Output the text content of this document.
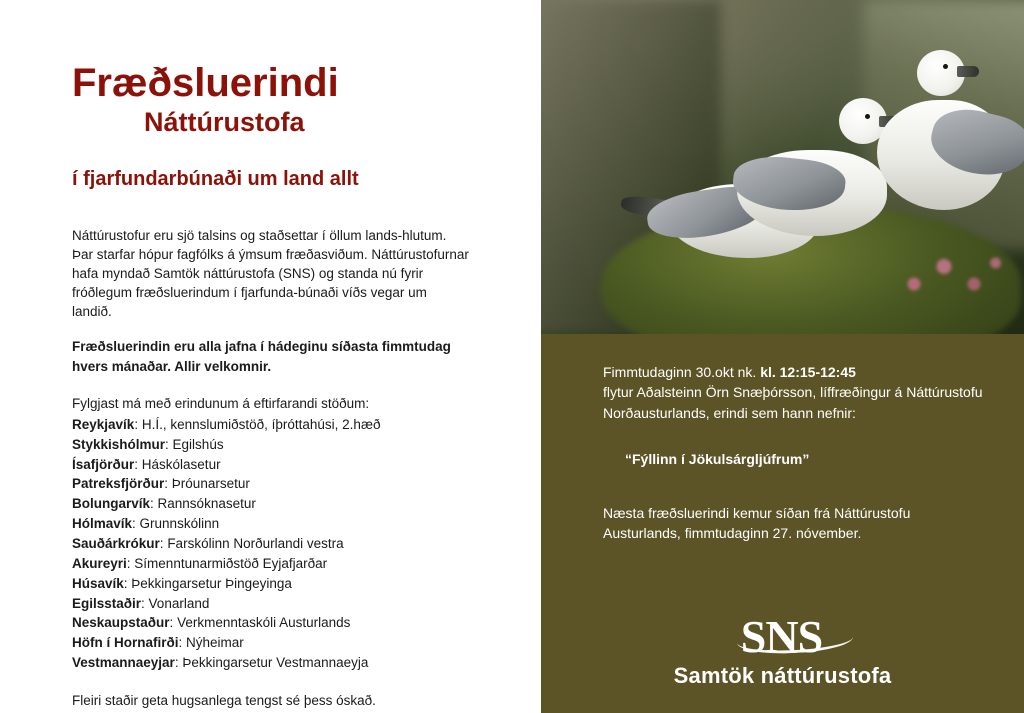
Fræðsluerindi
Náttúrustofa
í fjarfundarbúnaði um land allt

Náttúrustofur eru sjö talsins og staðsettar í öllum lands-hlutum. Þar starfar hópur fagfólks á ýmsum fræðasviðum. Náttúrustofurnar hafa myndað Samtök náttúrustofa (SNS) og standa nú fyrir fróðlegum fræðsluerindum í fjarfunda-búnaði víðs vegar um landið.

Fræðsluerindin eru alla jafna í hádeginu síðasta fimmtudag hvers mánaðar. Allir velkomnir.

Fylgjast má með erindunum á eftirfarandi stöðum:

Reykjavík: H.Í., kennslumiðstöð, íþróttahúsi, 2.hæð
Stykkishólmur: Egilshús
Ísafjörður: Háskólasetur
Patreksfjörður: Þróunarsetur
Bolungarvík: Rannsóknasetur
Hólmavík: Grunnskólinn
Sauðárkrókur: Farskólinn Norðurlandi vestra
Akureyri: Símenntunarmiðstöð Eyjafjarðar
Húsavík: Þekkingarsetur Þingeyinga
Egilsstaðir: Vonarland
Neskaupstaður: Verkmenntaskóli Austurlands
Höfn í Hornafirði: Nýheimar
Vestmannaeyjar: Þekkingarsetur Vestmannaeyja

Fleiri staðir geta hugsanlega tengst sé þess óskað.

Fimmtudaginn 30.okt nk. kl. 12:15-12:45

flytur Aðalsteinn Örn Snæþórsson, líffræðingur á Náttúrustofu Norðausturlands, erindi sem hann nefnir:

“Fýllinn í Jökulsárgljúfrum”

Næsta fræðsluerindi kemur síðan frá Náttúrustofu Austurlands, fimmtudaginn 27. nóvember.

SNS
Samtök náttúrustofa
